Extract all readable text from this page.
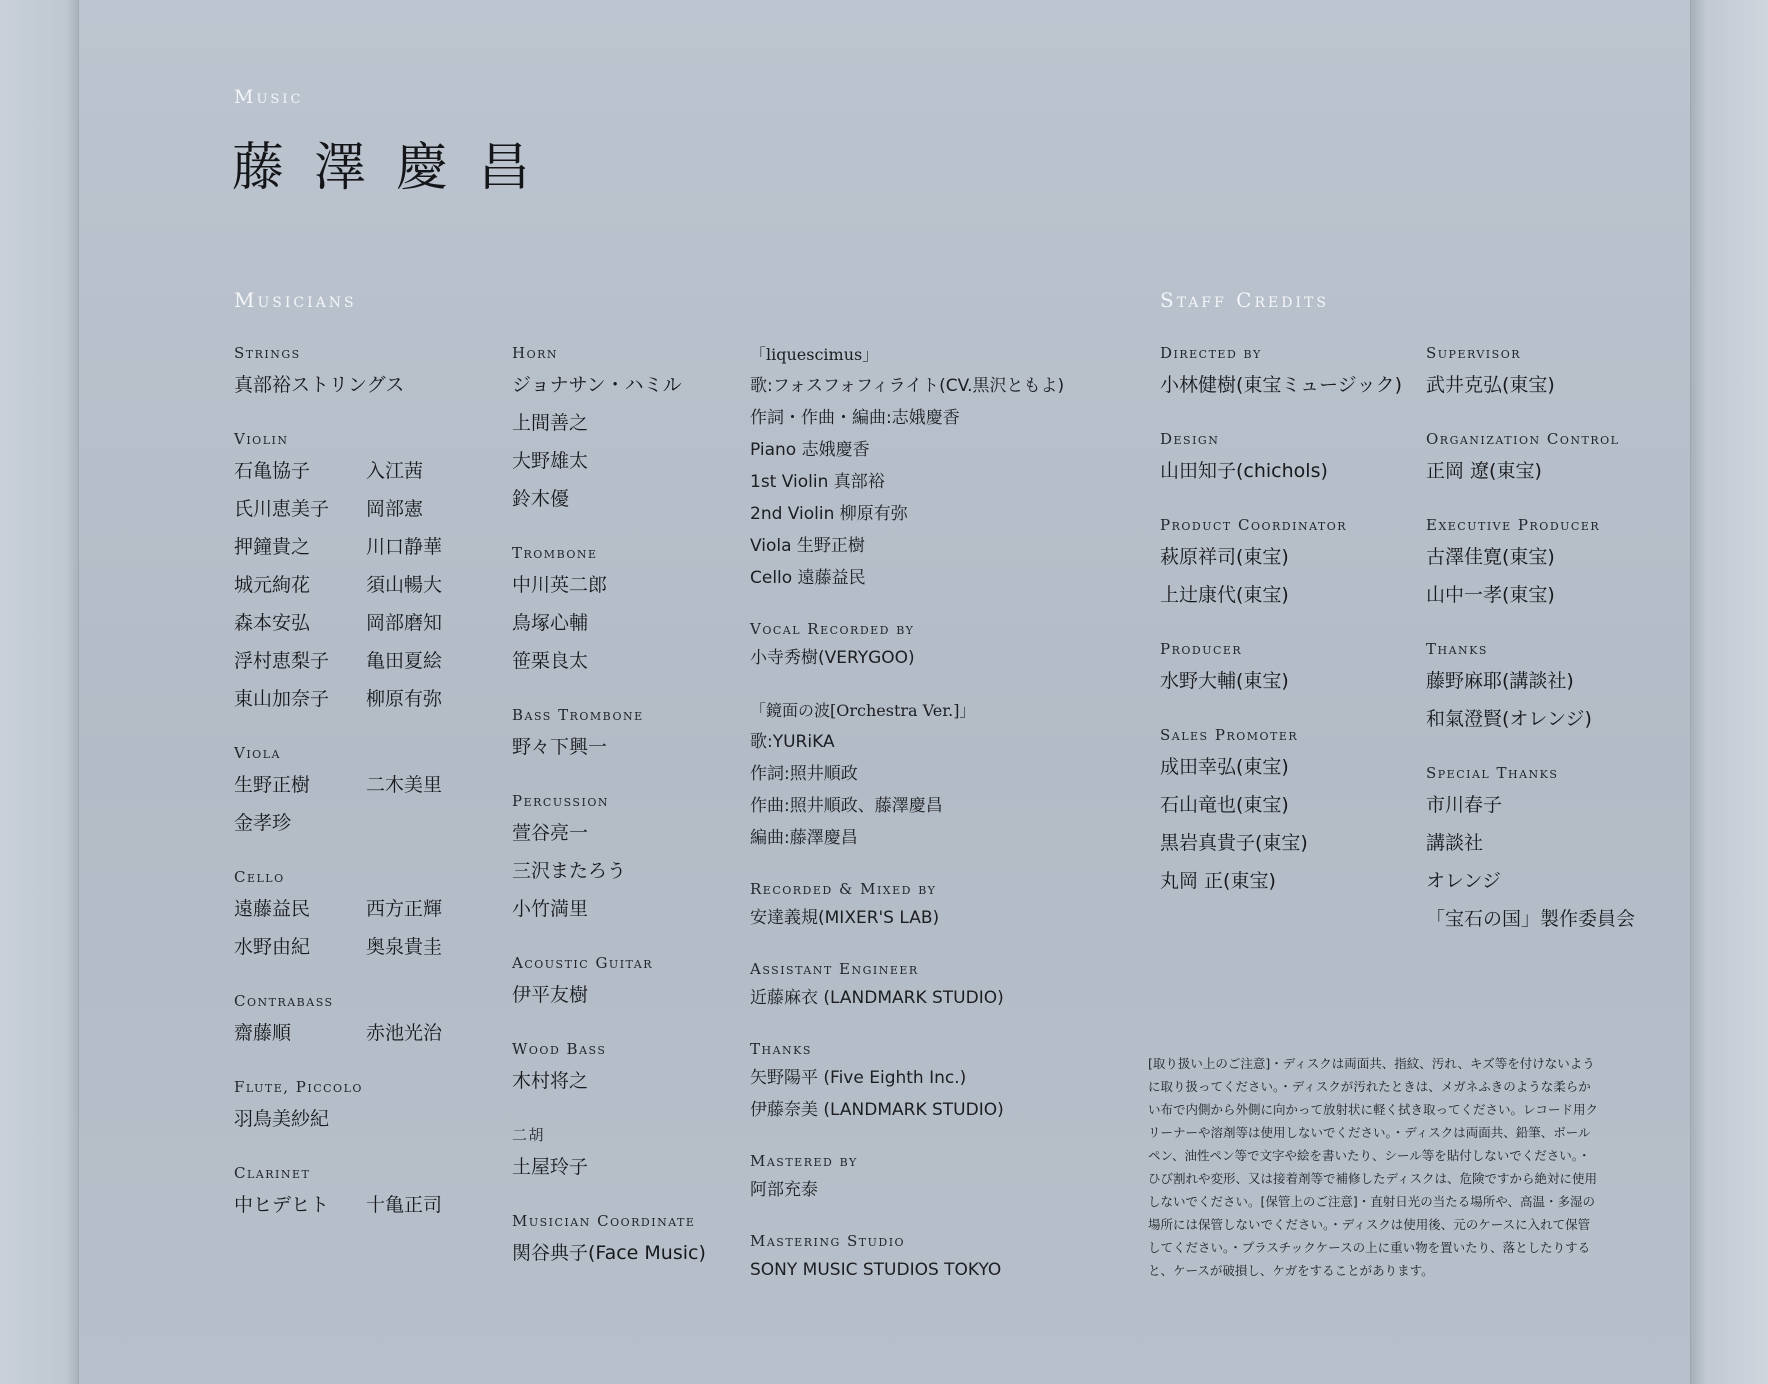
Music
藤澤慶昌
Musicians	Staff Credits
Strings
真部裕ストリングス
Violin
石亀協子	入江茜
氏川恵美子	岡部憲
押鐘貴之	川口静華
城元絢花	須山暢大
森本安弘	岡部磨知
浮村恵梨子	亀田夏絵
東山加奈子	柳原有弥
Viola
生野正樹	二木美里
金孝珍
Cello
遠藤益民	西方正輝
水野由紀	奥泉貴圭
Contrabass
齋藤順	赤池光治
Flute, Piccolo
羽鳥美紗紀
Clarinet
中ヒデヒト	十亀正司
Horn
ジョナサン・ハミル
上間善之
大野雄太
鈴木優
Trombone
中川英二郎
鳥塚心輔
笹栗良太
Bass Trombone
野々下興一
Percussion
萱谷亮一
三沢またろう
小竹満里
Acoustic Guitar
伊平友樹
Wood Bass
木村将之
二胡
土屋玲子
Musician Coordinate
関谷典子(Face Music)
「liquescimus」
歌:フォスフォフィライト(CV.黒沢ともよ)
作詞・作曲・編曲:志娥慶香
Piano 志娥慶香
1st Violin 真部裕
2nd Violin 柳原有弥
Viola 生野正樹
Cello 遠藤益民
Vocal Recorded by
小寺秀樹(VERYGOO)
「鏡面の波[Orchestra Ver.]」
歌:YURiKA
作詞:照井順政
作曲:照井順政、藤澤慶昌
編曲:藤澤慶昌
Recorded & Mixed by
安達義規(MIXER'S LAB)
Assistant Engineer
近藤麻衣 (LANDMARK STUDIO)
Thanks
矢野陽平 (Five Eighth Inc.)
伊藤奈美 (LANDMARK STUDIO)
Mastered by
阿部充泰
Mastering Studio
SONY MUSIC STUDIOS TOKYO
Directed by
小林健樹(東宝ミュージック)
Design
山田知子(chichols)
Product Coordinator
萩原祥司(東宝)
上辻康代(東宝)
Producer
水野大輔(東宝)
Sales Promoter
成田幸弘(東宝)
石山竜也(東宝)
黒岩真貴子(東宝)
丸岡 正(東宝)
Supervisor
武井克弘(東宝)
Organization Control
正岡 遼(東宝)
Executive Producer
古澤佳寛(東宝)
山中一孝(東宝)
Thanks
藤野麻耶(講談社)
和氣澄賢(オレンジ)
Special Thanks
市川春子
講談社
オレンジ
「宝石の国」製作委員会
[取り扱い上のご注意]・ディスクは両面共、指紋、汚れ、キズ等を付けないように取り扱ってください。・ディスクが汚れたときは、メガネふきのような柔らかい布で内側から外側に向かって放射状に軽く拭き取ってください。レコード用クリーナーや溶剤等は使用しないでください。・ディスクは両面共、鉛筆、ボールペン、油性ペン等で文字や絵を書いたり、シール等を貼付しないでください。・ひび割れや変形、又は接着剤等で補修したディスクは、危険ですから絶対に使用しないでください。[保管上のご注意]・直射日光の当たる場所や、高温・多湿の場所には保管しないでください。・ディスクは使用後、元のケースに入れて保管してください。・プラスチックケースの上に重い物を置いたり、落としたりすると、ケースが破損し、ケガをすることがあります。
